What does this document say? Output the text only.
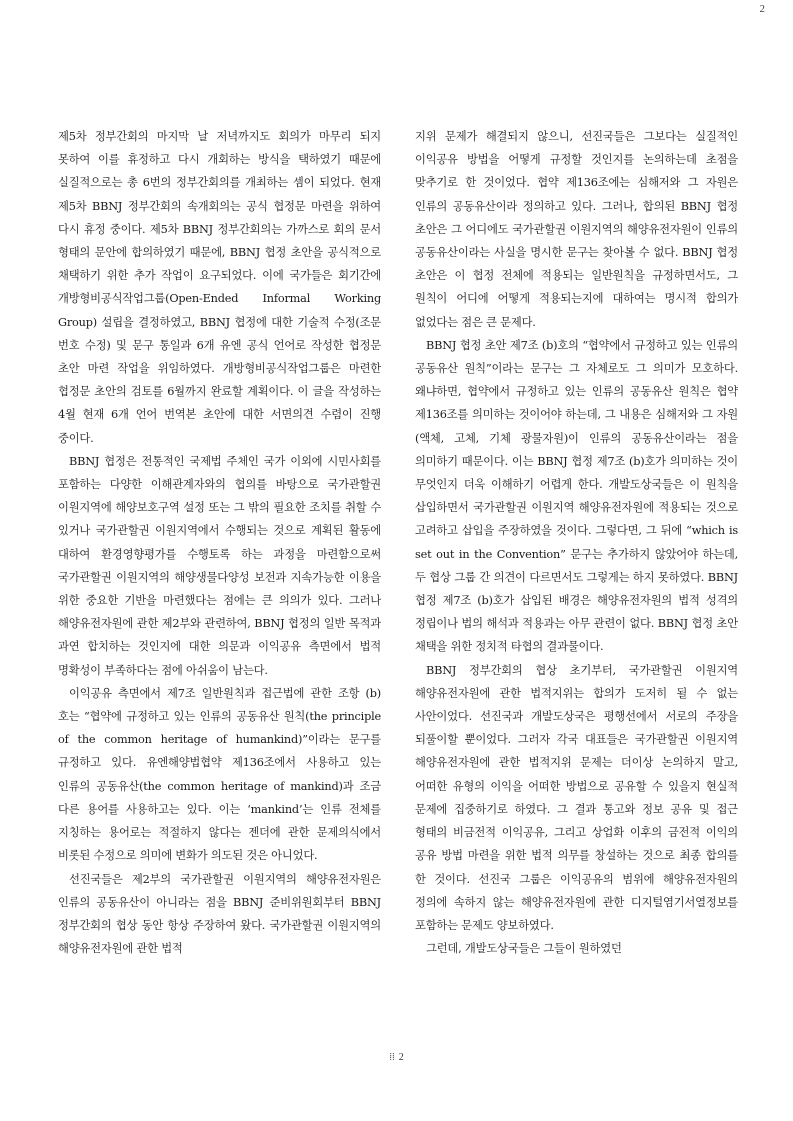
2

제5차 정부간회의 마지막 날 저녁까지도 회의가 마무리 되지 못하여 이를 휴정하고 다시 개회하는 방식을 택하였기 때문에 실질적으로는 총 6번의 정부간회의를 개최하는 셈이 되었다. 현재 제5차 BBNJ 정부간회의 속개회의는 공식 협정문 마련을 위하여 다시 휴정 중이다. 제5차 BBNJ 정부간회의는 가까스로 회의 문서 형태의 문안에 합의하였기 때문에, BBNJ 협정 초안을 공식적으로 채택하기 위한 추가 작업이 요구되었다. 이에 국가들은 회기간에 개방형비공식작업그룹(Open-Ended Informal Working Group) 설립을 결정하였고, BBNJ 협정에 대한 기술적 수정(조문 번호 수정) 및 문구 통일과 6개 유엔 공식 언어로 작성한 협정문 초안 마련 작업을 위임하였다. 개방형비공식작업그룹은 마련한 협정문 초안의 검토를 6월까지 완료할 계획이다. 이 글을 작성하는 4월 현재 6개 언어 번역본 초안에 대한 서면의견 수렴이 진행 중이다.

BBNJ 협정은 전통적인 국제법 주체인 국가 이외에 시민사회를 포함하는 다양한 이해관계자와의 협의를 바탕으로 국가관할권 이원지역에 해양보호구역 설정 또는 그 밖의 필요한 조치를 취할 수 있거나 국가관할권 이원지역에서 수행되는 것으로 계획된 활동에 대하여 환경영향평가를 수행토록 하는 과정을 마련함으로써 국가관할권 이원지역의 해양생물다양성 보전과 지속가능한 이용을 위한 중요한 기반을 마련했다는 점에는 큰 의의가 있다. 그러나 해양유전자원에 관한 제2부와 관련하여, BBNJ 협정의 일반 목적과 과연 합치하는 것인지에 대한 의문과 이익공유 측면에서 법적 명확성이 부족하다는 점에 아쉬움이 남는다.

이익공유 측면에서 제7조 일반원칙과 접근법에 관한 조항 (b)호는 “협약에 규정하고 있는 인류의 공동유산 원칙(the principle of the common heritage of humankind)”이라는 문구를 규정하고 있다. 유엔해양법협약 제136조에서 사용하고 있는 인류의 공동유산(the common heritage of mankind)과 조금 다른 용어를 사용하고는 있다. 이는 ‘mankind’는 인류 전체를 지칭하는 용어로는 적절하지 않다는 젠더에 관한 문제의식에서 비롯된 수정으로 의미에 변화가 의도된 것은 아니었다.

선진국들은 제2부의 국가관할권 이원지역의 해양유전자원은 인류의 공동유산이 아니라는 점을 BBNJ 준비위원회부터 BBNJ 정부간회의 협상 동안 항상 주장하여 왔다. 국가관할권 이원지역의 해양유전자원에 관한 법적

지위 문제가 해결되지 않으니, 선진국들은 그보다는 실질적인 이익공유 방법을 어떻게 규정할 것인지를 논의하는데 초점을 맞추기로 한 것이었다. 협약 제136조에는 심해저와 그 자원은 인류의 공동유산이라 정의하고 있다. 그러나, 합의된 BBNJ 협정 초안은 그 어디에도 국가관할권 이원지역의 해양유전자원이 인류의 공동유산이라는 사실을 명시한 문구는 찾아볼 수 없다. BBNJ 협정 초안은 이 협정 전체에 적용되는 일반원칙을 규정하면서도, 그 원칙이 어디에 어떻게 적용되는지에 대하여는 명시적 합의가 없었다는 점은 큰 문제다.

BBNJ 협정 초안 제7조 (b)호의 “협약에서 규정하고 있는 인류의 공동유산 원칙”이라는 문구는 그 자체로도 그 의미가 모호하다. 왜냐하면, 협약에서 규정하고 있는 인류의 공동유산 원칙은 협약 제136조를 의미하는 것이어야 하는데, 그 내용은 심해저와 그 자원(액체, 고체, 기체 광물자원)이 인류의 공동유산이라는 점을 의미하기 때문이다. 이는 BBNJ 협정 제7조 (b)호가 의미하는 것이 무엇인지 더욱 이해하기 어렵게 한다. 개발도상국들은 이 원칙을 삽입하면서 국가관할권 이원지역 해양유전자원에 적용되는 것으로 고려하고 삽입을 주장하였을 것이다. 그렇다면, 그 뒤에 “which is set out in the Convention” 문구는 추가하지 않았어야 하는데, 두 협상 그룹 간 의견이 다르면서도 그렇게는 하지 못하였다. BBNJ 협정 제7조 (b)호가 삽입된 배경은 해양유전자원의 법적 성격의 정립이나 법의 해석과 적용과는 아무 관련이 없다. BBNJ 협정 초안 채택을 위한 정치적 타협의 결과물이다.

BBNJ 정부간회의 협상 초기부터, 국가관할권 이원지역 해양유전자원에 관한 법적지위는 합의가 도저히 될 수 없는 사안이었다. 선진국과 개발도상국은 평행선에서 서로의 주장을 되풀이할 뿐이었다. 그러자 각국 대표들은 국가관할권 이원지역 해양유전자원에 관한 법적지위 문제는 더이상 논의하지 말고, 어떠한 유형의 이익을 어떠한 방법으로 공유할 수 있을지 현실적 문제에 집중하기로 하였다. 그 결과 통고와 정보 공유 및 접근 형태의 비금전적 이익공유, 그리고 상업화 이후의 금전적 이익의 공유 방법 마련을 위한 법적 의무를 창설하는 것으로 최종 합의를 한 것이다. 선진국 그룹은 이익공유의 범위에 해양유전자원의 정의에 속하지 않는 해양유전자원에 관한 디지털염기서열정보를 포함하는 문제도 양보하였다.

그런데, 개발도상국들은 그들이 원하였던

⁞⁞ 2
